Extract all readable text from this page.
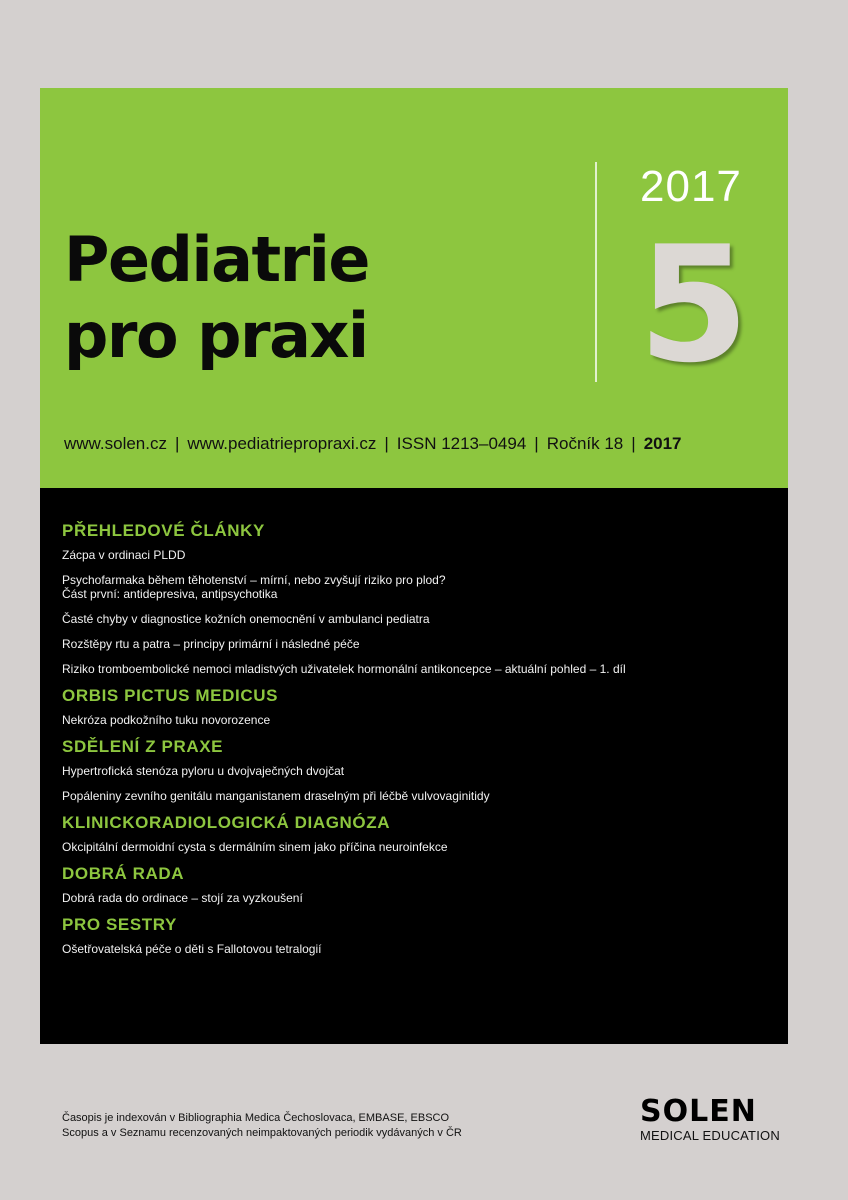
Pediatrie
pro praxi
2017
5
www.solen.cz | www.pediatriepropraxi.cz | ISSN 1213–0494 | Ročník 18 | 2017
PŘEHLEDOVÉ ČLÁNKY
Zácpa v ordinaci PLDD
Psychofarmaka během těhotenství – mírní, nebo zvyšují riziko pro plod?
Část první: antidepresiva, antipsychotika
Časté chyby v diagnostice kožních onemocnění v ambulanci pediatra
Rozštěpy rtu a patra – principy primární i následné péče
Riziko tromboembolické nemoci mladistvých uživatelek hormonální antikoncepce – aktuální pohled – 1. díl
ORBIS PICTUS MEDICUS
Nekróza podkožního tuku novorozence
SDĚLENÍ Z PRAXE
Hypertrofická stenóza pyloru u dvojvaječných dvojčat
Popáleniny zevního genitálu manganistanem draselným při léčbě vulvovaginitidy
KLINICKORADIOLOGICKÁ DIAGNÓZA
Okcipitální dermoidní cysta s dermálním sinem jako příčina neuroinfekce
DOBRÁ RADA
Dobrá rada do ordinace – stojí za vyzkoušení
PRO SESTRY
Ošetřovatelská péče o děti s Fallotovou tetralogií
Časopis je indexován v Bibliographia Medica Čechoslovaca, EMBASE, EBSCO
Scopus a v Seznamu recenzovaných neimpaktovaných periodik vydávaných v ČR
SOLEN
MEDICAL EDUCATION
